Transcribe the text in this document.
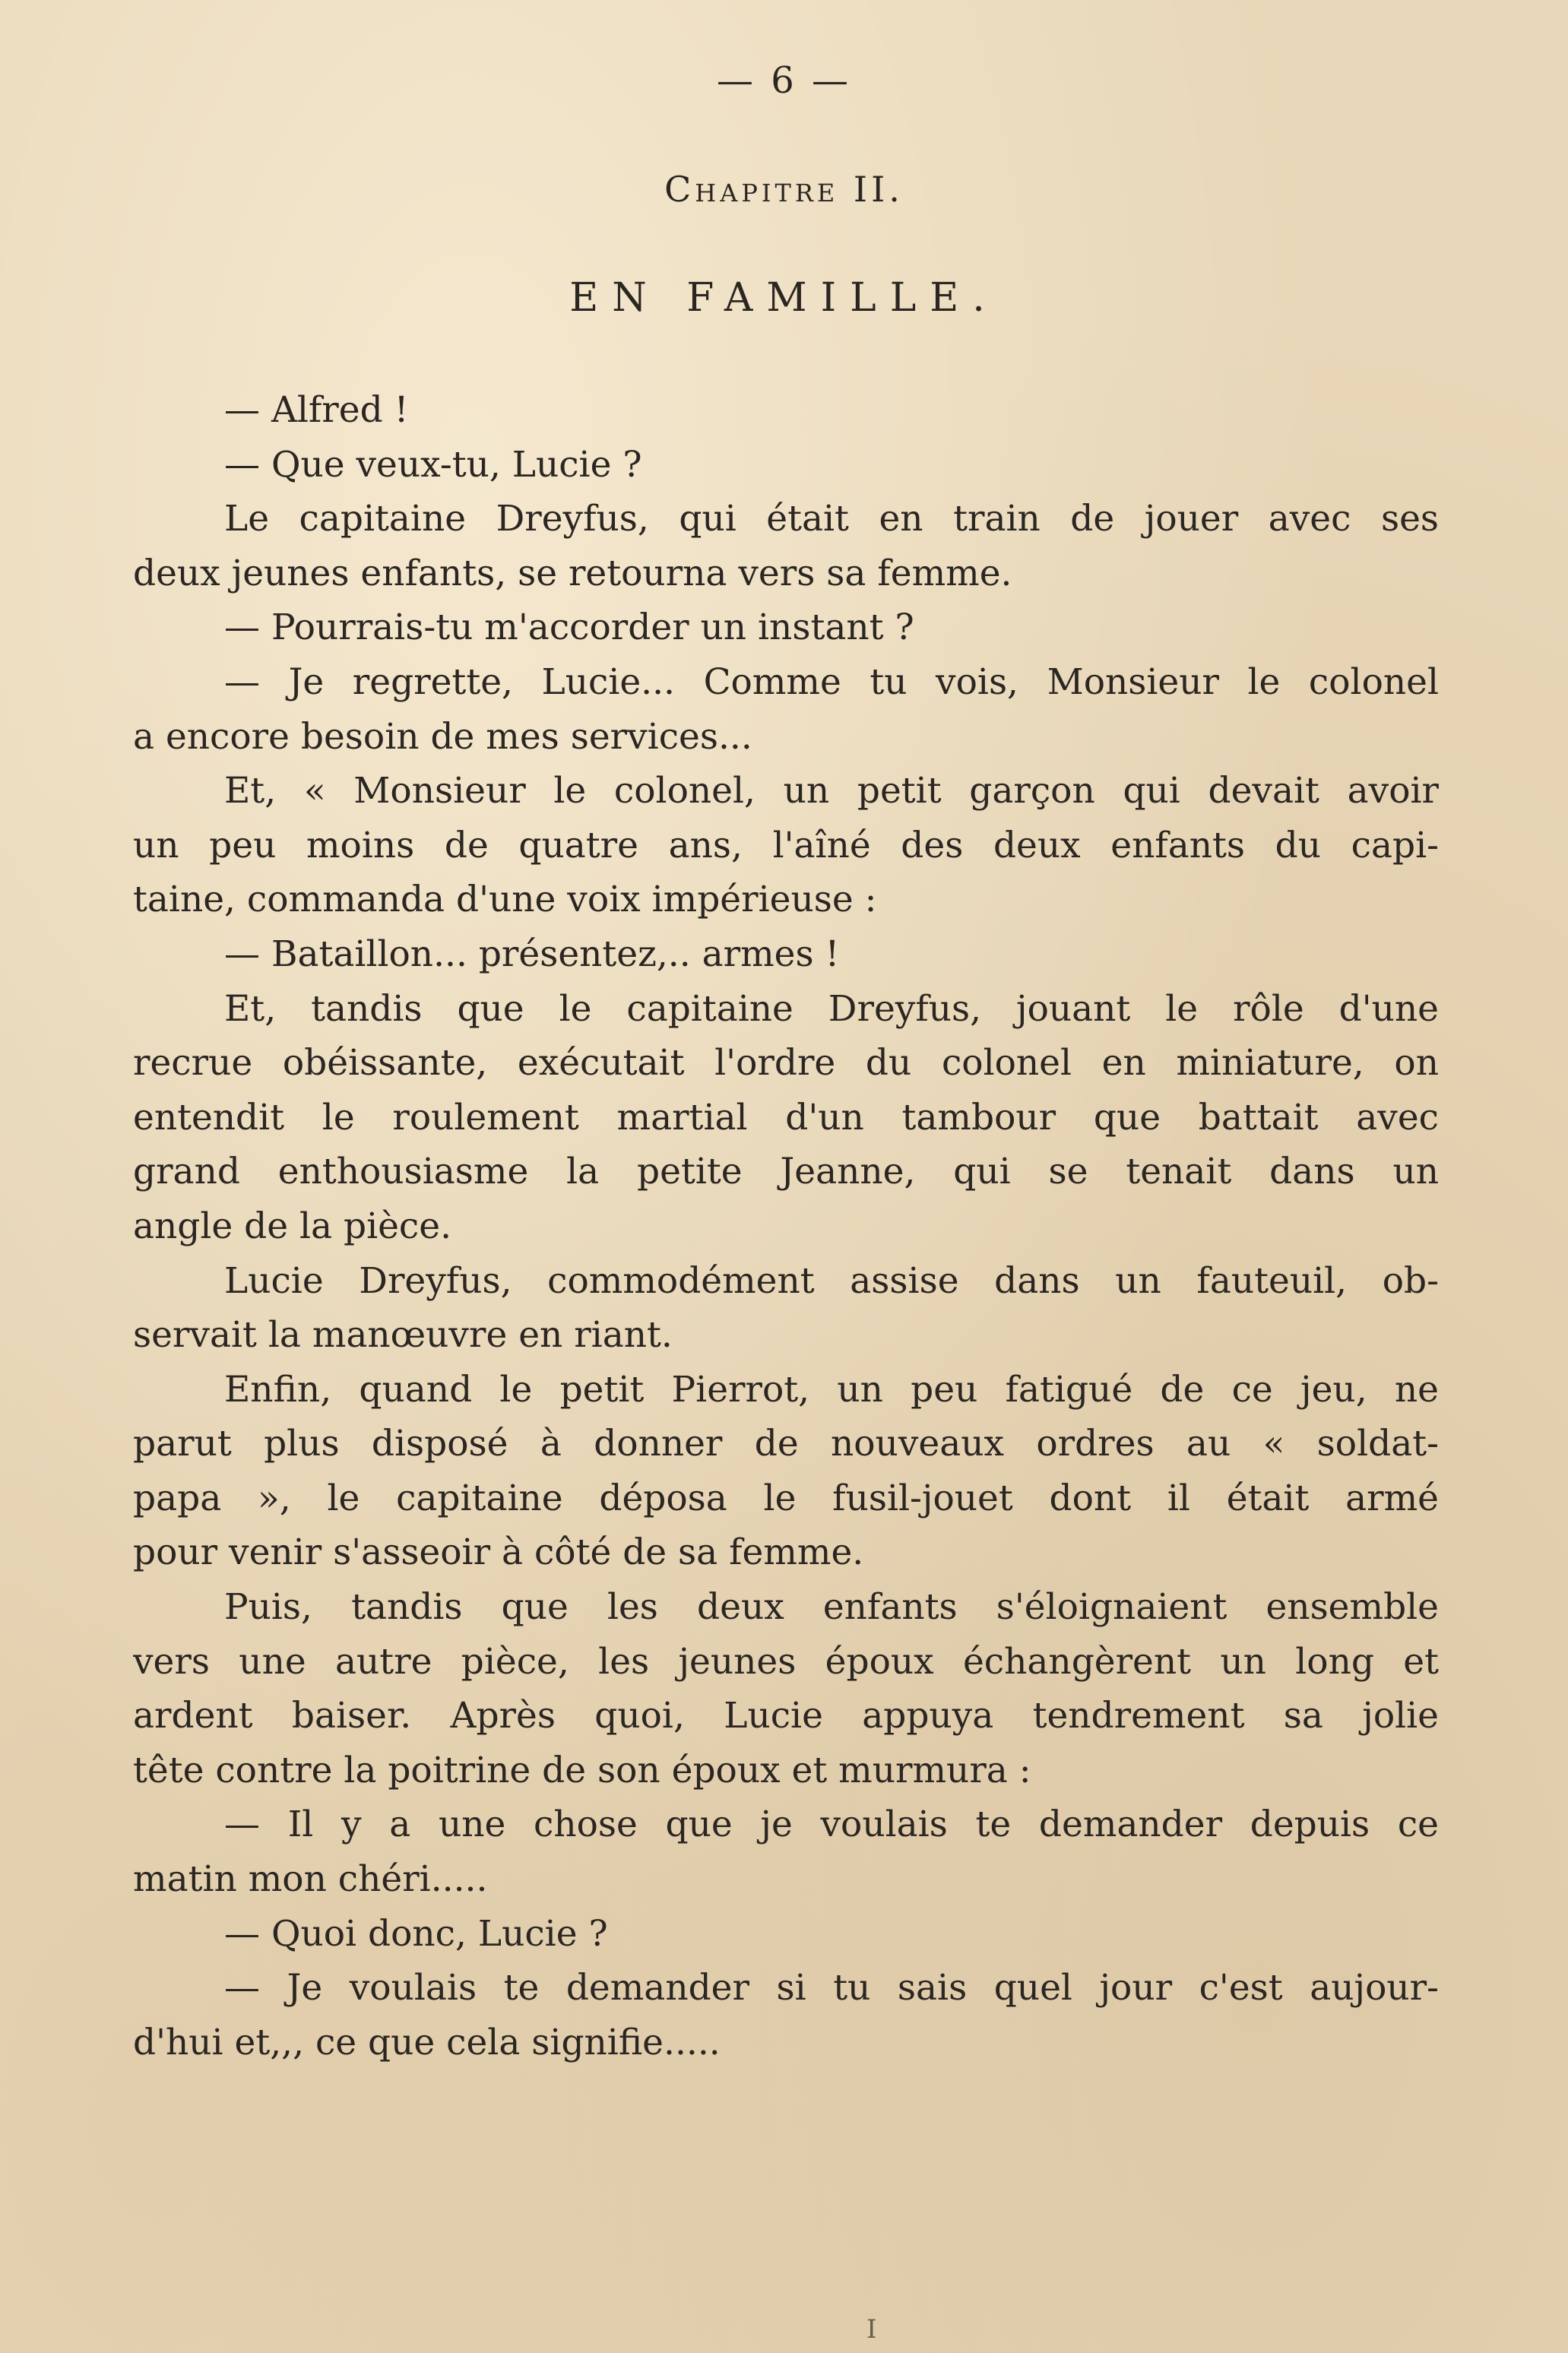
— 6 —
Chapitre II.
EN FAMILLE.
— Alfred !
— Que veux-tu, Lucie ?
Le capitaine Dreyfus, qui était en train de jouer avec ses
deux jeunes enfants, se retourna vers sa femme.
— Pourrais-tu m'accorder un instant ?
— Je regrette, Lucie... Comme tu vois, Monsieur le colonel
a encore besoin de mes services...
Et, « Monsieur le colonel, un petit garçon qui devait avoir
un peu moins de quatre ans, l'aîné des deux enfants du capi-
taine, commanda d'une voix impérieuse :
— Bataillon... présentez,.. armes !
Et, tandis que le capitaine Dreyfus, jouant le rôle d'une
recrue obéissante, exécutait l'ordre du colonel en miniature, on
entendit le roulement martial d'un tambour que battait avec
grand enthousiasme la petite Jeanne, qui se tenait dans un
angle de la pièce.
Lucie Dreyfus, commodément assise dans un fauteuil, ob-
servait la manœuvre en riant.
Enfin, quand le petit Pierrot, un peu fatigué de ce jeu, ne
parut plus disposé à donner de nouveaux ordres au « soldat-
papa », le capitaine déposa le fusil-jouet dont il était armé
pour venir s'asseoir à côté de sa femme.
Puis, tandis que les deux enfants s'éloignaient ensemble
vers une autre pièce, les jeunes époux échangèrent un long et
ardent baiser. Après quoi, Lucie appuya tendrement sa jolie
tête contre la poitrine de son époux et murmura :
— Il y a une chose que je voulais te demander depuis ce
matin mon chéri.....
— Quoi donc, Lucie ?
— Je voulais te demander si tu sais quel jour c'est aujour-
d'hui et,,, ce que cela signifie.....
I
